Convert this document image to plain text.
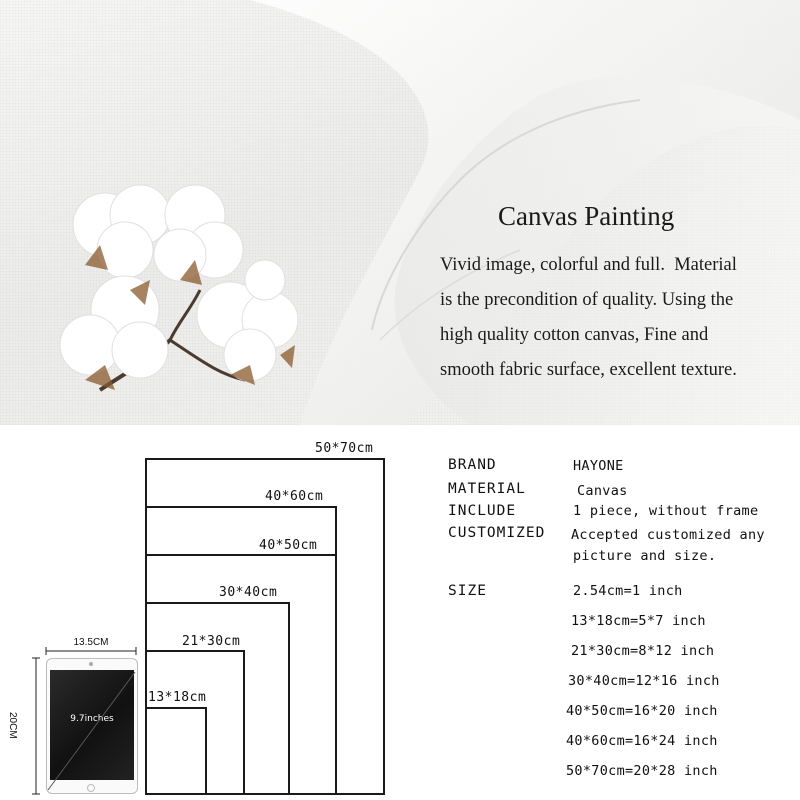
Canvas Painting
Vivid image, colorful and full.  Material
is the precondition of quality. Using the
high quality cotton canvas, Fine and
smooth fabric surface, excellent texture.
50*70cm
40*60cm
40*50cm
30*40cm
21*30cm
13*18cm
9.7inches
13.5CM
20CM
BRAND	HAYONE
MATERIAL	Canvas
INCLUDE	1 piece, without frame
CUSTOMIZED Accepted customized any
picture and size.
SIZE	2.54cm=1 inch
13*18cm=5*7 inch
21*30cm=8*12 inch
30*40cm=12*16 inch
40*50cm=16*20 inch
40*60cm=16*24 inch
50*70cm=20*28 inch
